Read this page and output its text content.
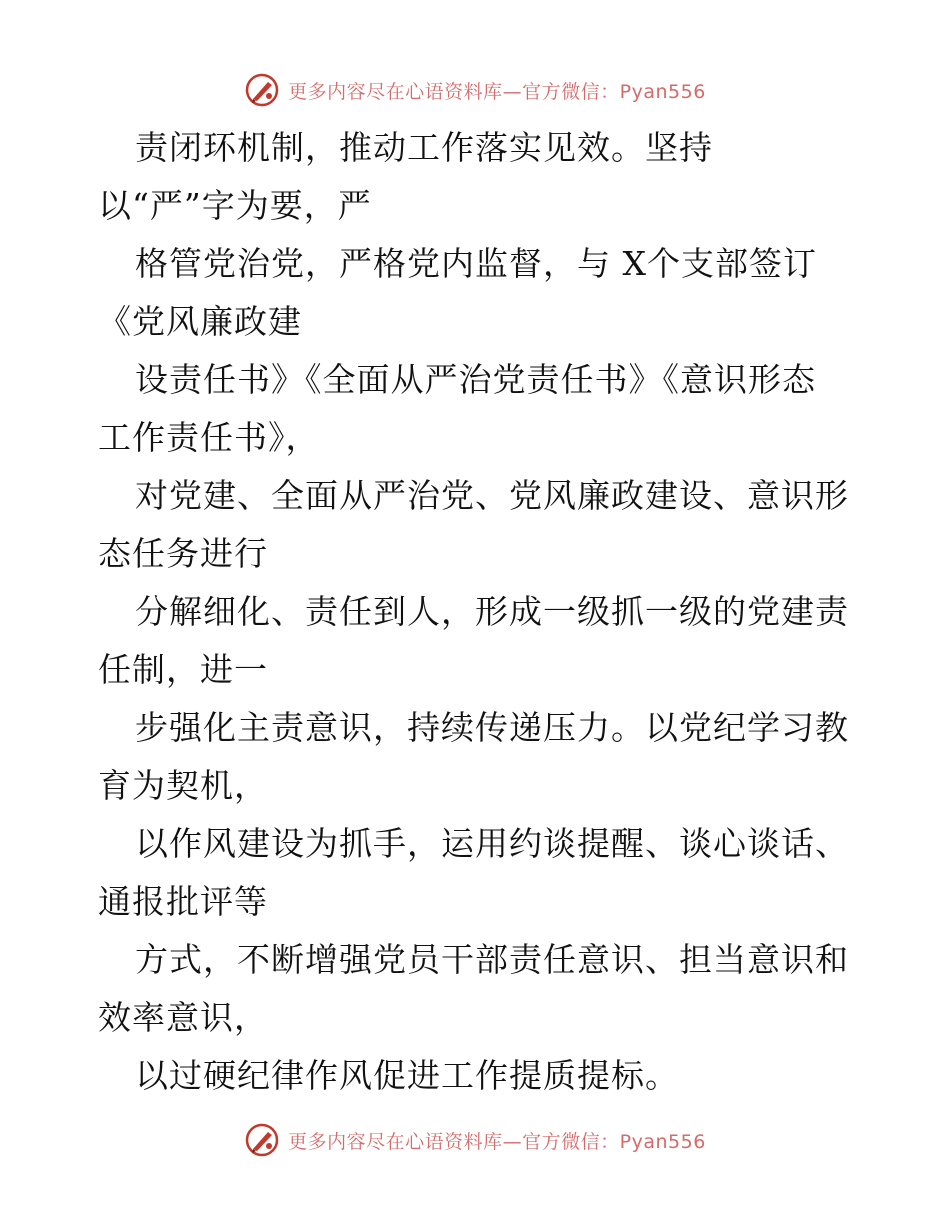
更多内容尽在心语资料库—官方微信：Pyan556
责闭环机制，推动工作落实见效。坚持
以“严”字为要，严
格管党治党，严格党内监督，与 X个支部签订
《党风廉政建
设责任书》《全面从严治党责任书》《意识形态
工作责任书》，
对党建、全面从严治党、党风廉政建设、意识形
态任务进行
分解细化、责任到人，形成一级抓一级的党建责
任制，进一
步强化主责意识，持续传递压力。以党纪学习教
育为契机，
以作风建设为抓手，运用约谈提醒、谈心谈话、
通报批评等
方式，不断增强党员干部责任意识、担当意识和
效率意识，
以过硬纪律作风促进工作提质提标。
更多内容尽在心语资料库—官方微信：Pyan556
